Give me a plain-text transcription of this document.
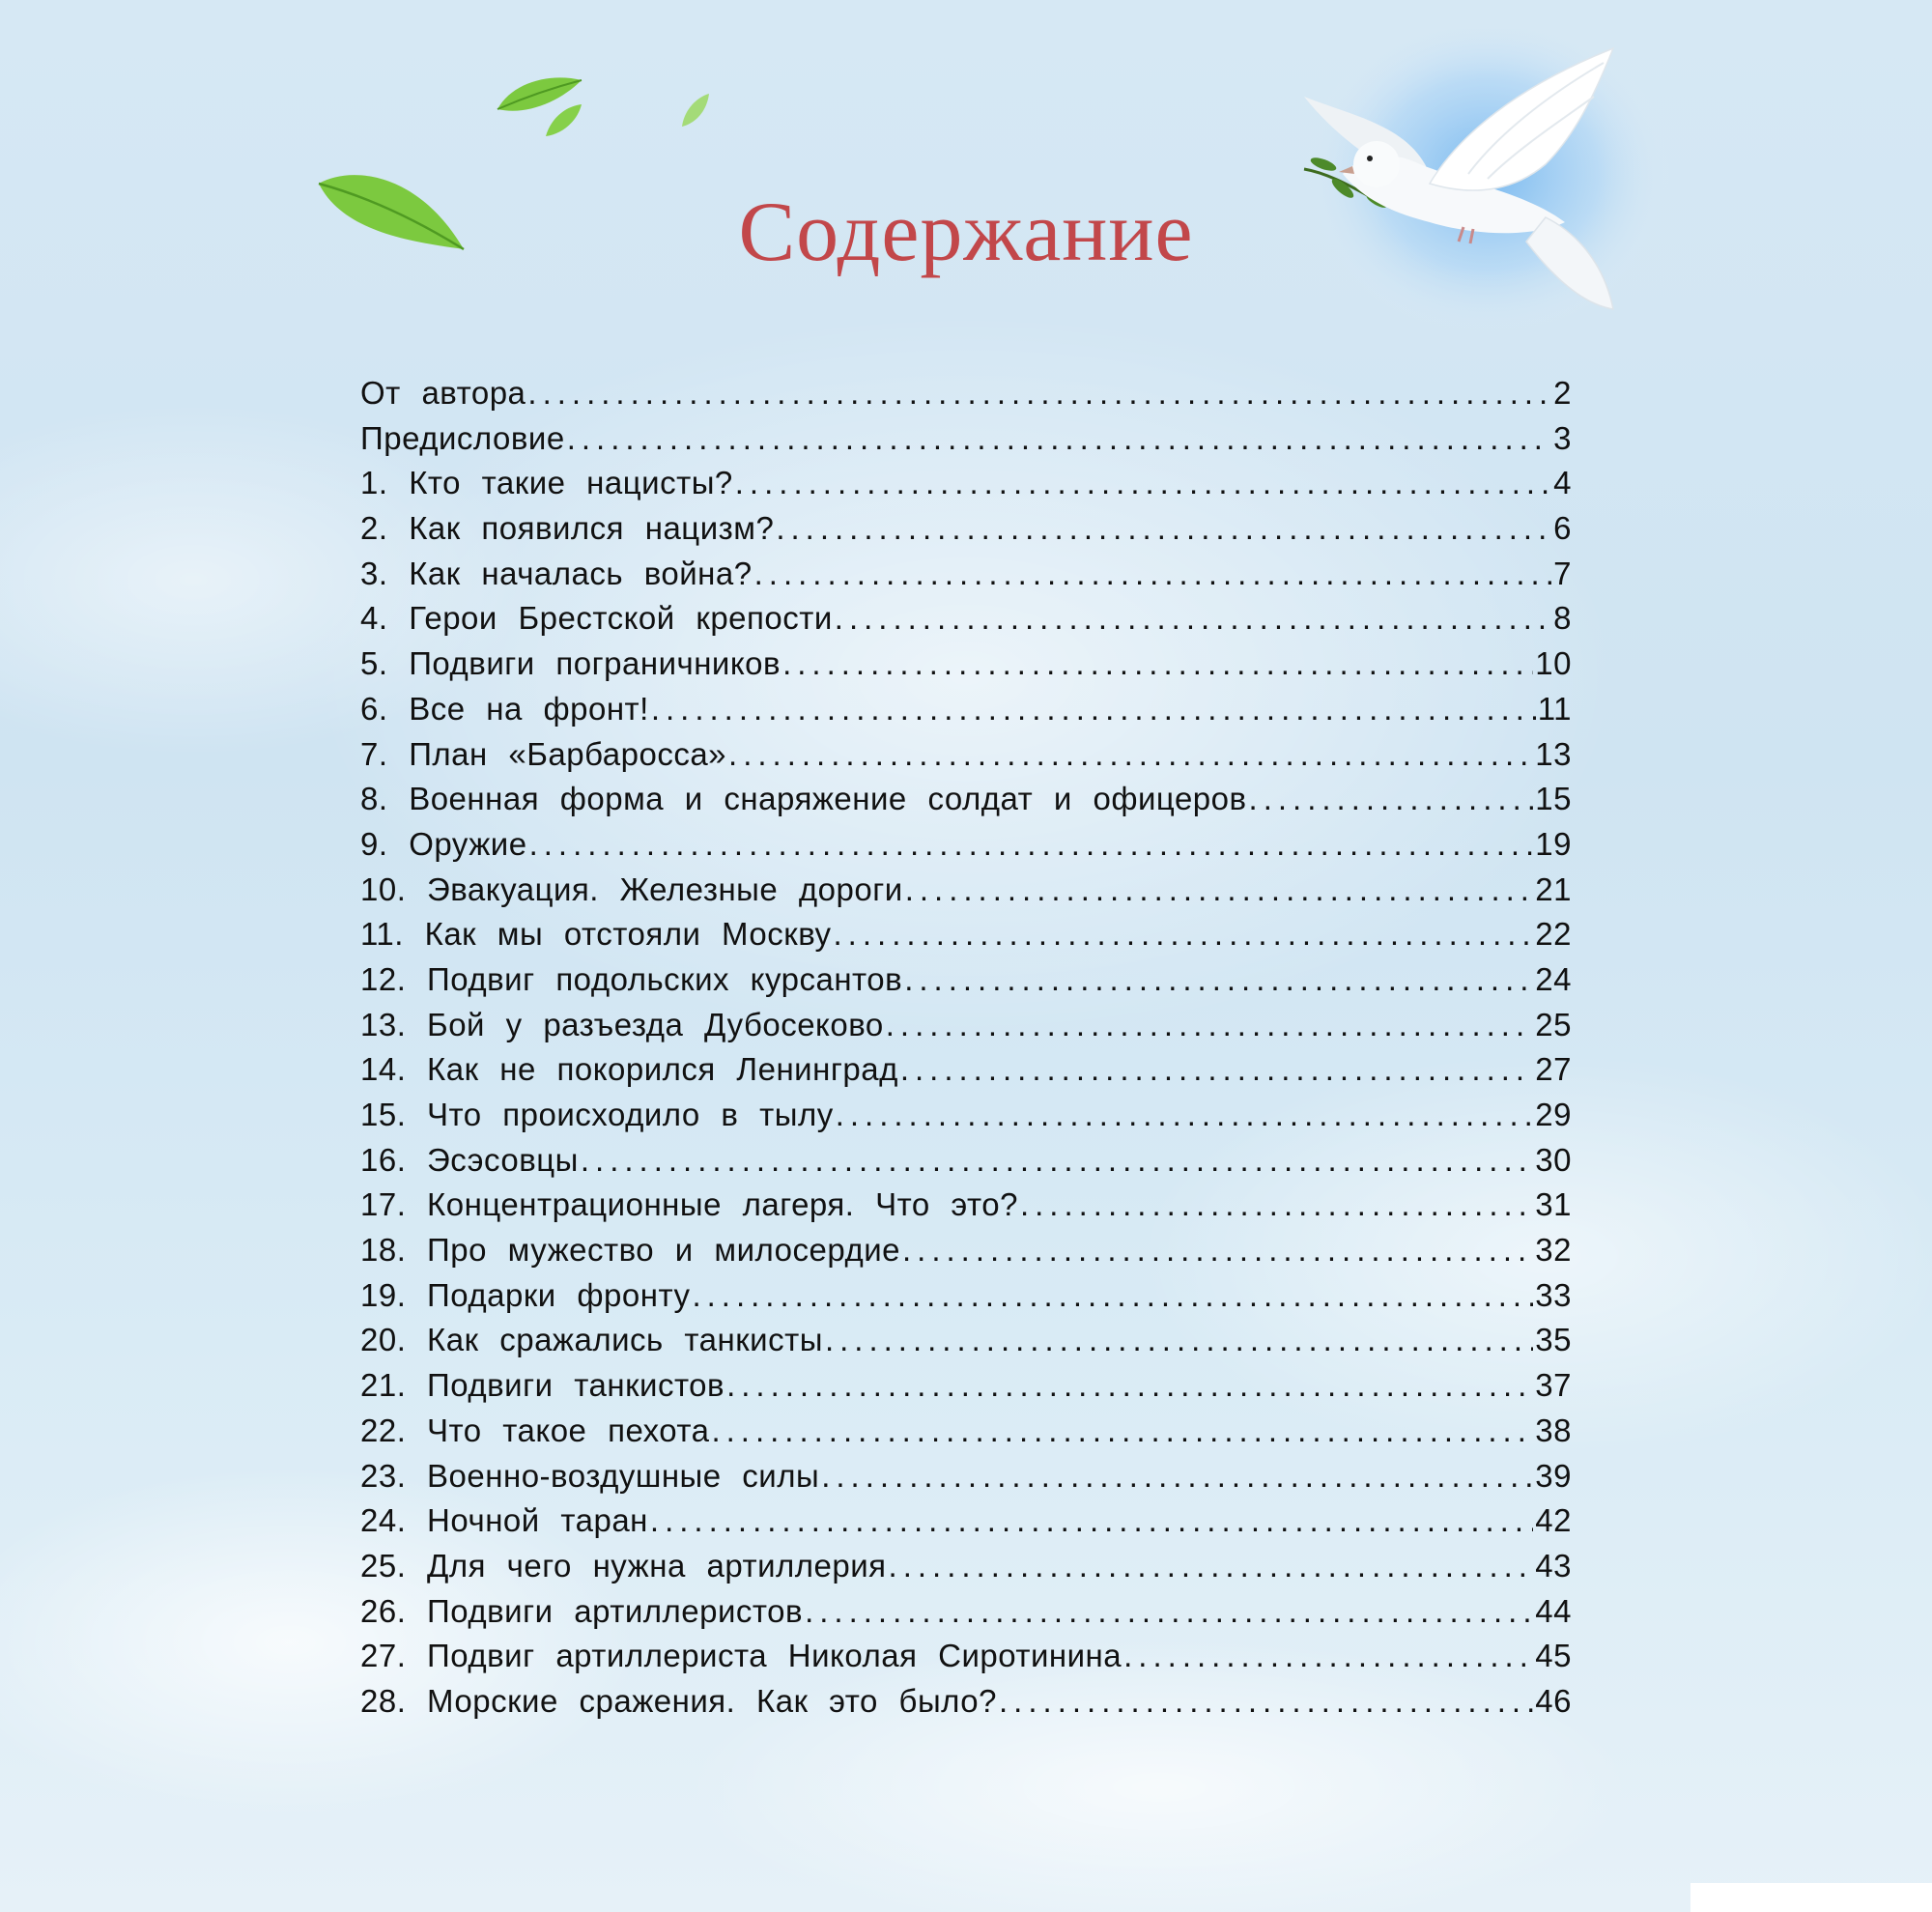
Содержание
От автора .....	2
Предисловие .....	3
1. Кто такие нацисты? .....	4
2. Как появился нацизм? .....	6
3. Как началась война? .....	7
4. Герои Брестской крепости .....	8
5. Подвиги пограничников .....	10
6. Все на фронт! .....	11
7. План «Барбаросса» .....	13
8. Военная форма и снаряжение солдат и офицеров .....	15
9. Оружие .....	19
10. Эвакуация. Железные дороги .....	21
11. Как мы отстояли Москву .....	22
12. Подвиг подольских курсантов .....	24
13. Бой у разъезда Дубосеково .....	25
14. Как не покорился Ленинград .....	27
15. Что происходило в тылу .....	29
16. Эсэсовцы .....	30
17. Концентрационные лагеря. Что это? .....	31
18. Про мужество и милосердие .....	32
19. Подарки фронту .....	33
20. Как сражались танкисты .....	35
21. Подвиги танкистов .....	37
22. Что такое пехота .....	38
23. Военно-воздушные силы .....	39
24. Ночной таран .....	42
25. Для чего нужна артиллерия .....	43
26. Подвиги артиллеристов .....	44
27. Подвиг артиллериста Николая Сиротинина .....	45
28. Морские сражения. Как это было? .....	46
